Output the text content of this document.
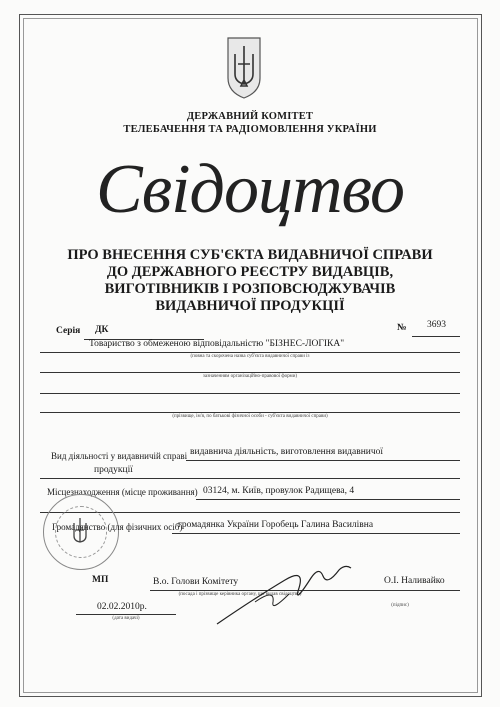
ДЕРЖАВНИЙ КОМІТЕТ
ТЕЛЕБАЧЕННЯ ТА РАДІОМОВЛЕННЯ УКРАЇНИ
Свідоцтво
ПРО ВНЕСЕННЯ СУБ'ЄКТА ВИДАВНИЧОЇ СПРАВИ
ДО ДЕРЖАВНОГО РЕЄСТРУ ВИДАВЦІВ,
ВИГОТІВНИКІВ І РОЗПОВСЮДЖУВАЧІВ
ВИДАВНИЧОЇ ПРОДУКЦІЇ
Серія ДК	№ 3693
Товариство з обмеженою відповідальністю "БІЗНЕС-ЛОГІКА"
(повна та скорочена назва суб'єкта видавничої справи із
зазначенням організаційно-правової форми)
(прізвище, ім'я, по батькові фізичної особи - суб'єкта видавничої справи)
Вид діяльності у видавничій справі видавнича діяльність, виготовлення видавничої
продукції
Місцезнаходження (місце проживання) 03124, м. Київ, провулок Радищева, 4
Громадянство (для фізичних осіб)
громадянка України Горобець Галина Василівна
МП	В.о. Голови Комітету
(посада і прізвище керівника органу, що видав свідоцтво)
О.І. Наливайко
(підпис)
02.02.2010р.
(дата видачі)
